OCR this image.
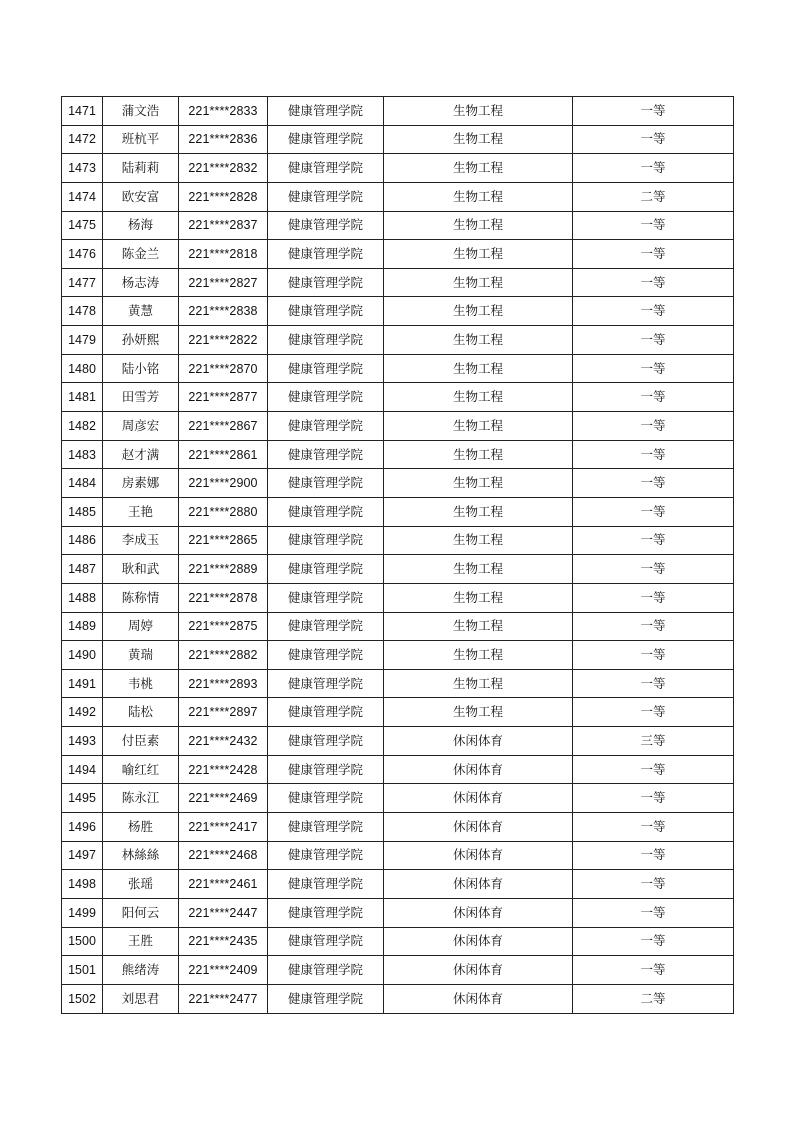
1471	蒲文浩	221****2833	健康管理学院	生物工程	一等
1472	班杭平	221****2836	健康管理学院	生物工程	一等
1473	陆莉莉	221****2832	健康管理学院	生物工程	一等
1474	欧安富	221****2828	健康管理学院	生物工程	二等
1475	杨海	221****2837	健康管理学院	生物工程	一等
1476	陈金兰	221****2818	健康管理学院	生物工程	一等
1477	杨志涛	221****2827	健康管理学院	生物工程	一等
1478	黄慧	221****2838	健康管理学院	生物工程	一等
1479	孙妍熙	221****2822	健康管理学院	生物工程	一等
1480	陆小铭	221****2870	健康管理学院	生物工程	一等
1481	田雪芳	221****2877	健康管理学院	生物工程	一等
1482	周彦宏	221****2867	健康管理学院	生物工程	一等
1483	赵才满	221****2861	健康管理学院	生物工程	一等
1484	房素娜	221****2900	健康管理学院	生物工程	一等
1485	王艳	221****2880	健康管理学院	生物工程	一等
1486	李成玉	221****2865	健康管理学院	生物工程	一等
1487	耿和武	221****2889	健康管理学院	生物工程	一等
1488	陈称情	221****2878	健康管理学院	生物工程	一等
1489	周婷	221****2875	健康管理学院	生物工程	一等
1490	黄瑞	221****2882	健康管理学院	生物工程	一等
1491	韦桃	221****2893	健康管理学院	生物工程	一等
1492	陆松	221****2897	健康管理学院	生物工程	一等
1493	付臣素	221****2432	健康管理学院	休闲体育	三等
1494	喻红红	221****2428	健康管理学院	休闲体育	一等
1495	陈永江	221****2469	健康管理学院	休闲体育	一等
1496	杨胜	221****2417	健康管理学院	休闲体育	一等
1497	林絲絲	221****2468	健康管理学院	休闲体育	一等
1498	张瑶	221****2461	健康管理学院	休闲体育	一等
1499	阳何云	221****2447	健康管理学院	休闲体育	一等
1500	王胜	221****2435	健康管理学院	休闲体育	一等
1501	熊绪涛	221****2409	健康管理学院	休闲体育	一等
1502	刘思君	221****2477	健康管理学院	休闲体育	二等
